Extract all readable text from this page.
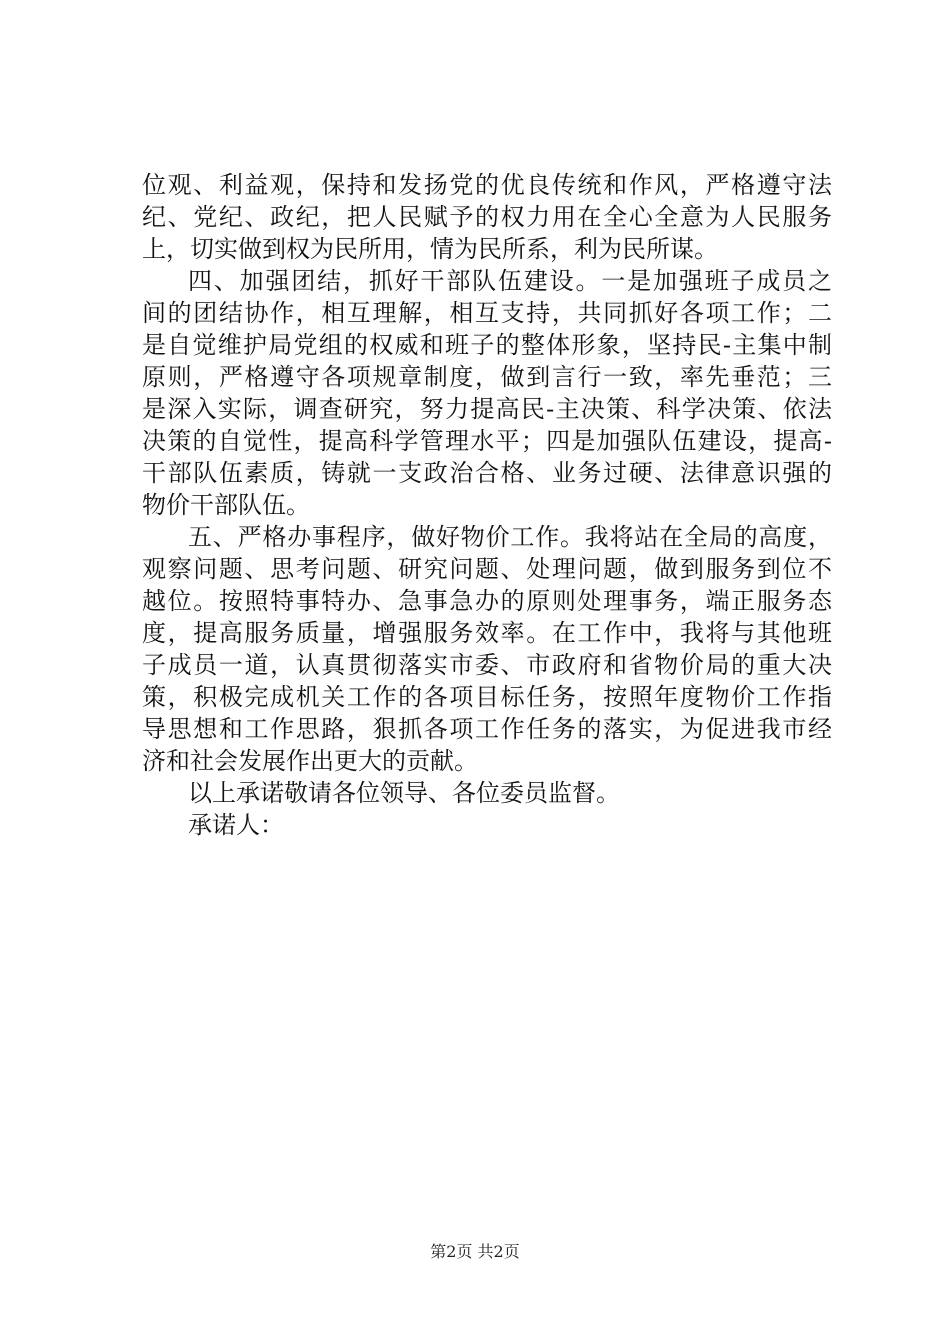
位观、利益观，保持和发扬党的优良传统和作风，严格遵守法
纪、党纪、政纪，把人民赋予的权力用在全心全意为人民服务
上，切实做到权为民所用，情为民所系，利为民所谋。
四、加强团结，抓好干部队伍建设。一是加强班子成员之
间的团结协作，相互理解，相互支持，共同抓好各项工作；二
是自觉维护局党组的权威和班子的整体形象，坚持民-主集中制
原则，严格遵守各项规章制度，做到言行一致，率先垂范；三
是深入实际，调查研究，努力提高民-主决策、科学决策、依法
决策的自觉性，提高科学管理水平；四是加强队伍建设，提高-
干部队伍素质，铸就一支政治合格、业务过硬、法律意识强的
物价干部队伍。
五、严格办事程序，做好物价工作。我将站在全局的高度，
观察问题、思考问题、研究问题、处理问题，做到服务到位不
越位。按照特事特办、急事急办的原则处理事务，端正服务态
度，提高服务质量，增强服务效率。在工作中，我将与其他班
子成员一道，认真贯彻落实市委、市政府和省物价局的重大决
策，积极完成机关工作的各项目标任务，按照年度物价工作指
导思想和工作思路，狠抓各项工作任务的落实，为促进我市经
济和社会发展作出更大的贡献。
以上承诺敬请各位领导、各位委员监督。
承诺人：
第2页 共2页
